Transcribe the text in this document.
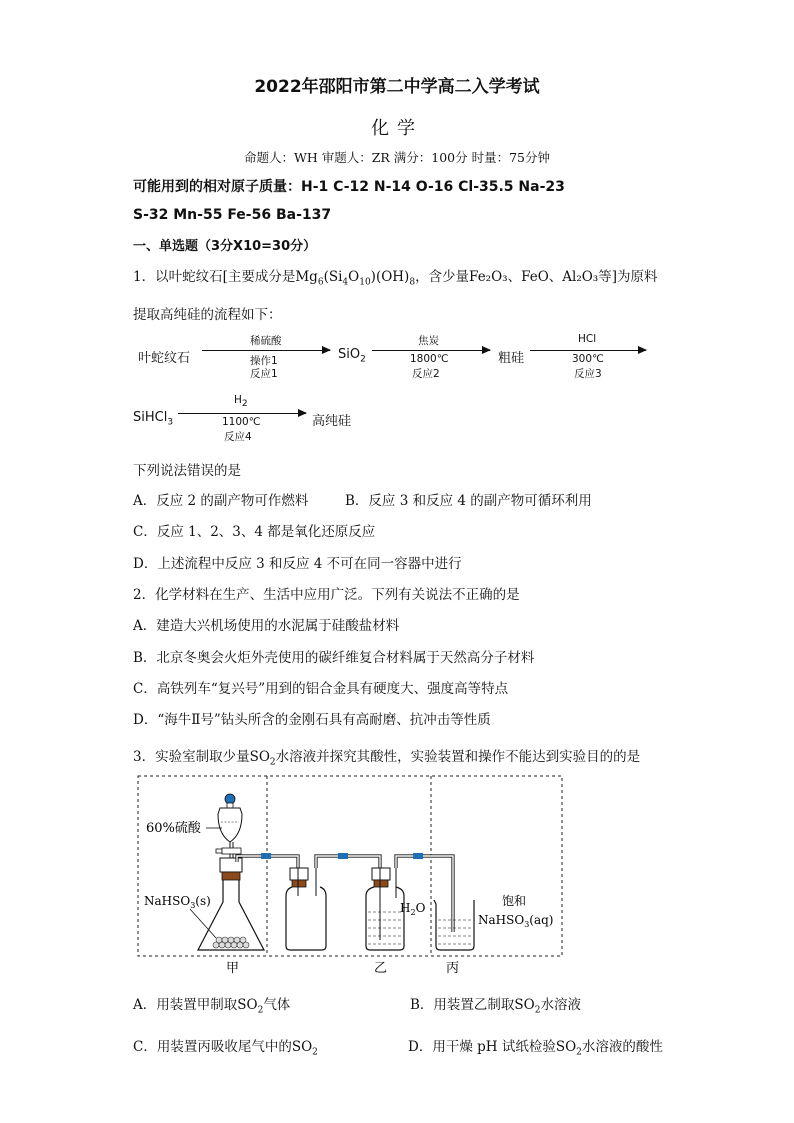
2022年邵阳市第二中学高二入学考试
化学
命题人：WH 审题人：ZR 满分：100分 时量：75分钟
可能用到的相对原子质量：H-1 C-12 N-14 O-16 Cl-35.5 Na-23
S-32 Mn-55 Fe-56 Ba-137
一、单选题（3分X10=30分）
1．以叶蛇纹石[主要成分是$Mg_6(Si_4O_{10})(OH)_8$，含少量Fe₂O₃、FeO、Al₂O₃等]为原料
提取高纯硅的流程如下：
叶蛇纹石
稀硫酸
操作1
反应1
SiO$_2$
焦炭
1800℃
反应2
粗硅
HCl
300℃
反应3
SiHCl$_3$
$H_2$
1100℃
反应4
高纯硅
下列说法错误的是
A．反应 2 的副产物可作燃料	B．反应 3 和反应 4 的副产物可循环利用
C．反应 1、2、3、4 都是氧化还原反应
D．上述流程中反应 3 和反应 4 不可在同一容器中进行
2．化学材料在生产、生活中应用广泛。下列有关说法不正确的是
A．建造大兴机场使用的水泥属于硅酸盐材料
B．北京冬奥会火炬外壳使用的碳纤维复合材料属于天然高分子材料
C．高铁列车“复兴号”用到的铝合金具有硬度大、强度高等特点
D．“海牛Ⅱ号”钻头所含的金刚石具有高耐磨、抗冲击等性质
3．实验室制取少量$SO_2$水溶液并探究其酸性，实验装置和操作不能达到实验目的的是
60%硫酸
NaHSO$_3$(s)	$H_2O$	饱和
NaHSO$_3$(aq)
甲	乙	丙
A．用装置甲制取$SO_2$气体	B．用装置乙制取$SO_2$水溶液
C．用装置丙吸收尾气中的$SO_2$	D．用干燥 pH 试纸检验$SO_2$水溶液的酸性
